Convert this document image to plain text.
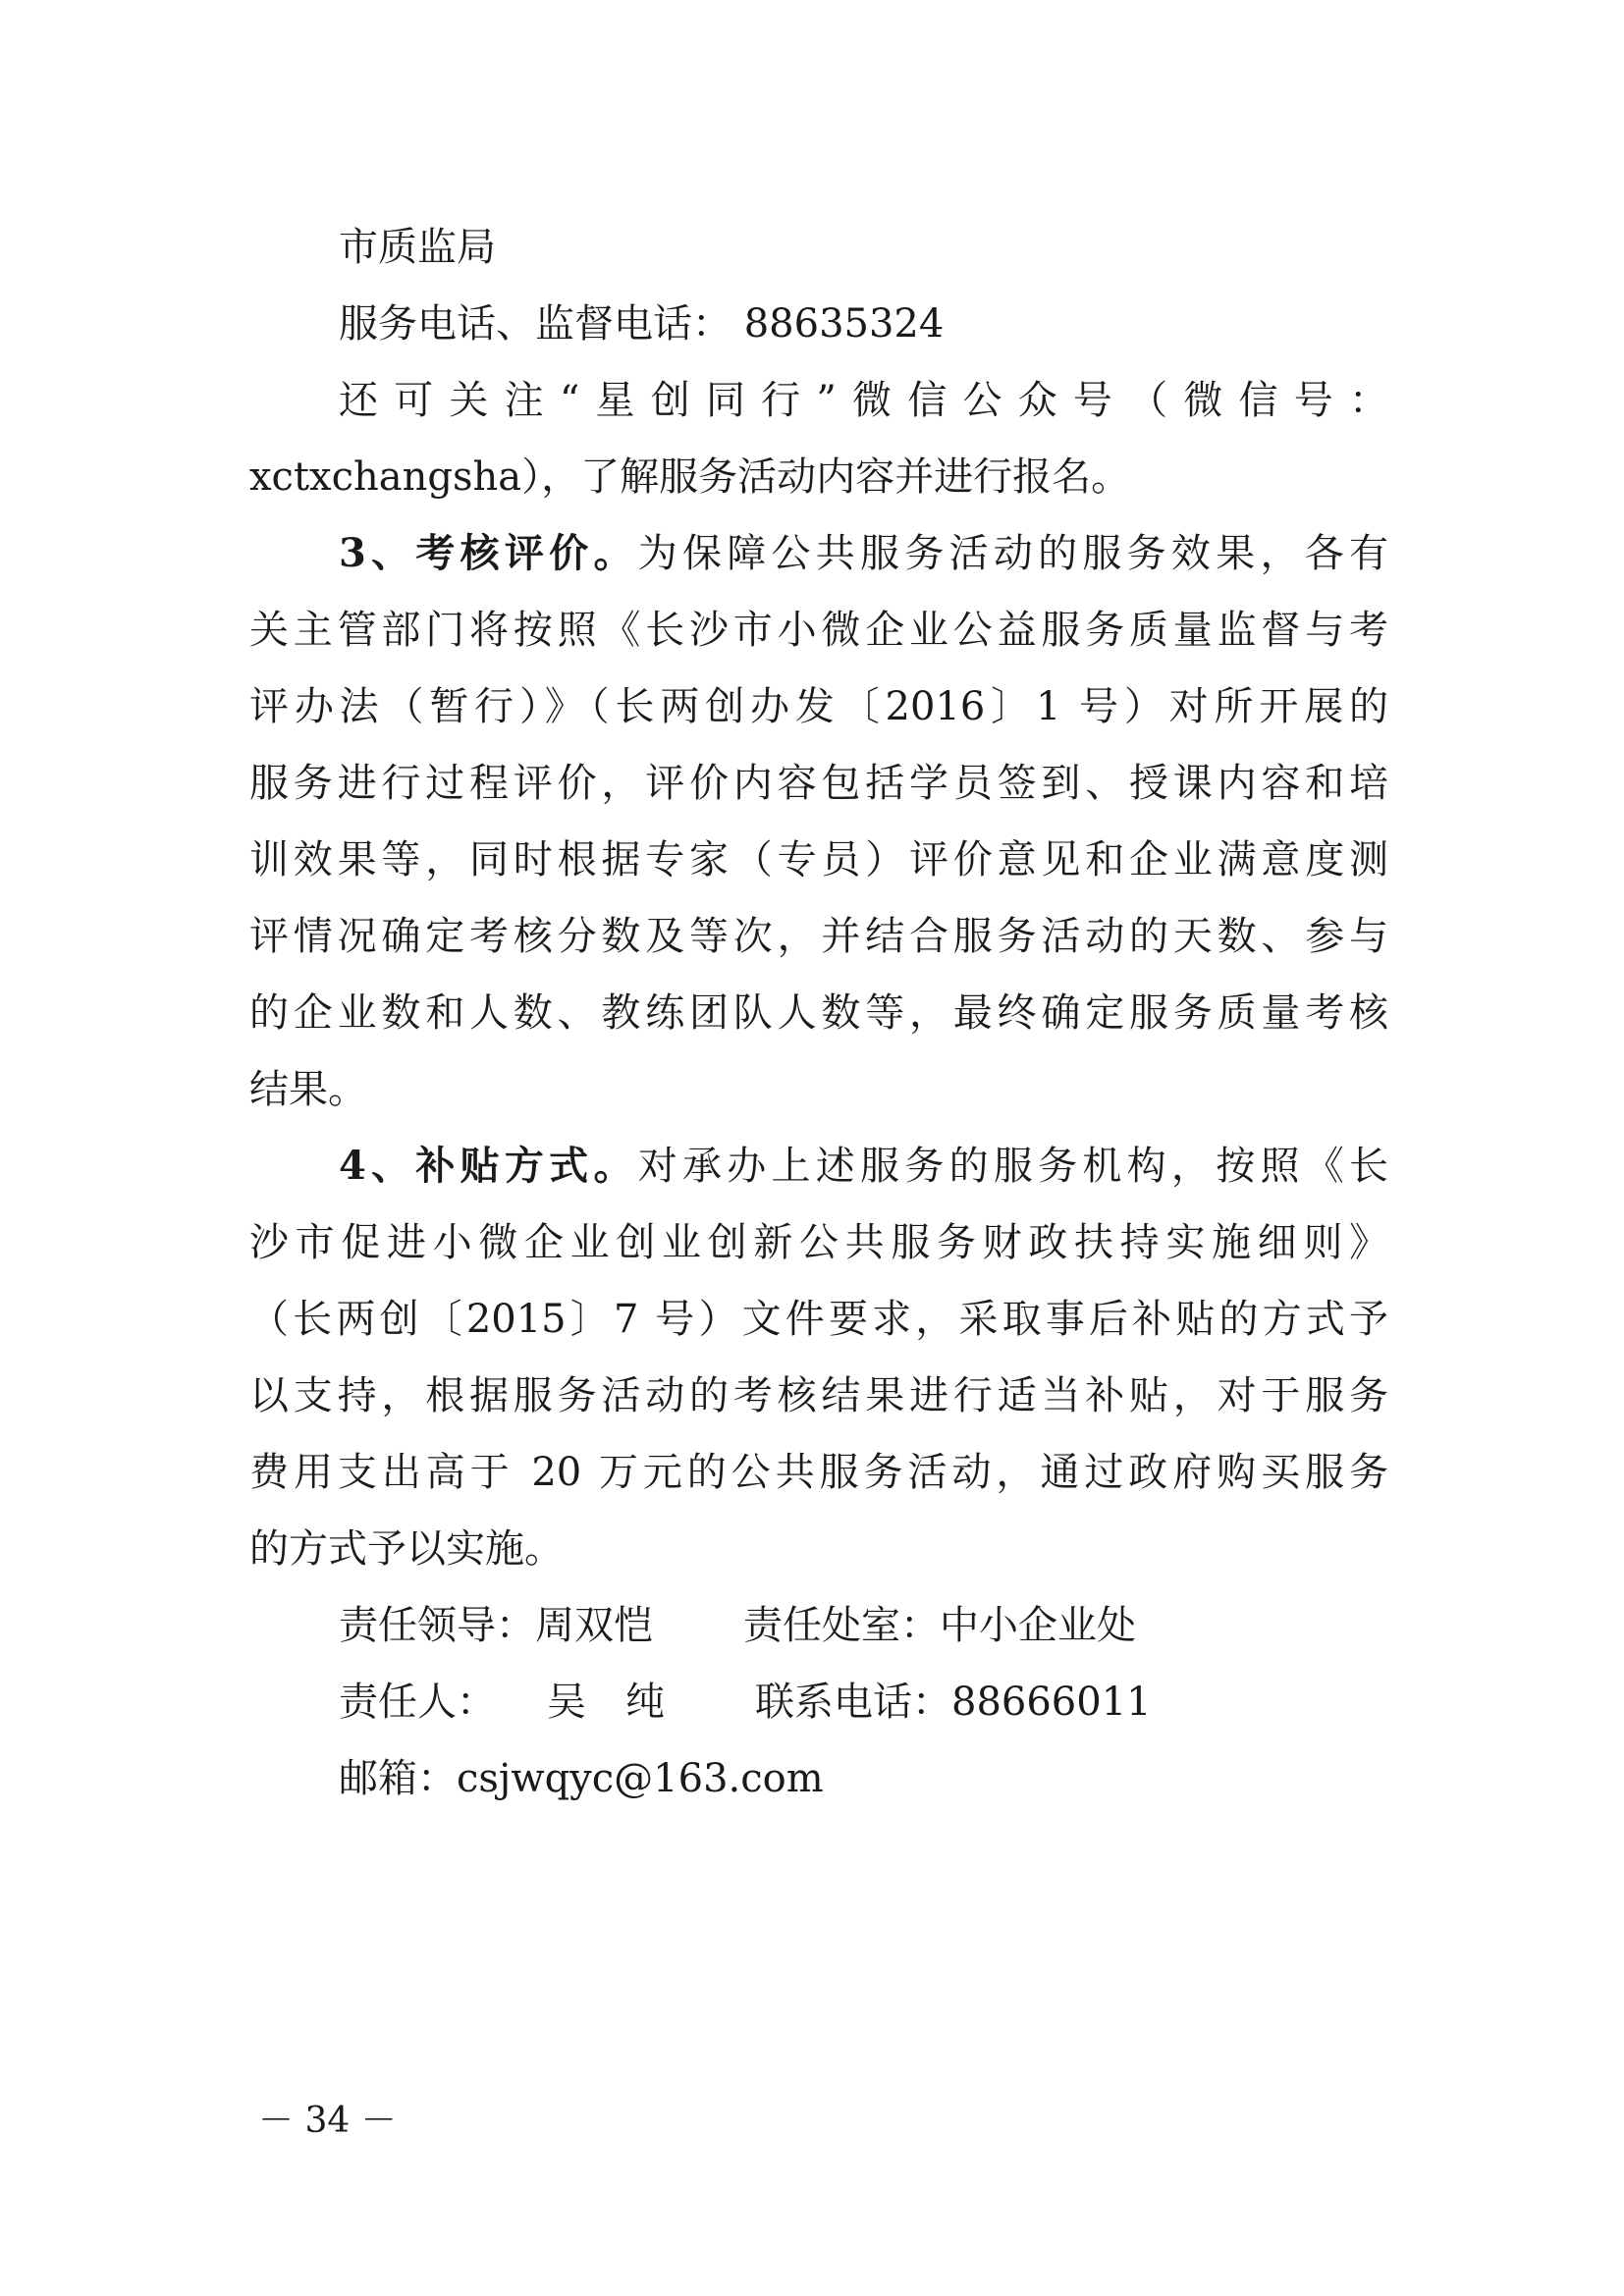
市质监局
服务电话、监督电话： 88635324
还可关注“星创同行”微信公众号（微信号：
xctxchangsha），了解服务活动内容并进行报名。
3、考核评价。为保障公共服务活动的服务效果，各有
关主管部门将按照《长沙市小微企业公益服务质量监督与考
评办法（暂行）》（长两创办发〔2016〕1 号）对所开展的
服务进行过程评价，评价内容包括学员签到、授课内容和培
训效果等，同时根据专家（专员）评价意见和企业满意度测
评情况确定考核分数及等次，并结合服务活动的天数、参与
的企业数和人数、教练团队人数等，最终确定服务质量考核
结果。
4、补贴方式。对承办上述服务的服务机构，按照《长
沙市促进小微企业创业创新公共服务财政扶持实施细则》
（长两创〔2015〕7 号）文件要求，采取事后补贴的方式予
以支持，根据服务活动的考核结果进行适当补贴，对于服务
费用支出高于 20 万元的公共服务活动，通过政府购买服务
的方式予以实施。
责任领导：周双恺 责任处室：中小企业处
责任人： 吴　纯 联系电话：88666011
邮箱：csjwqyc@163.com
－ 34 －
